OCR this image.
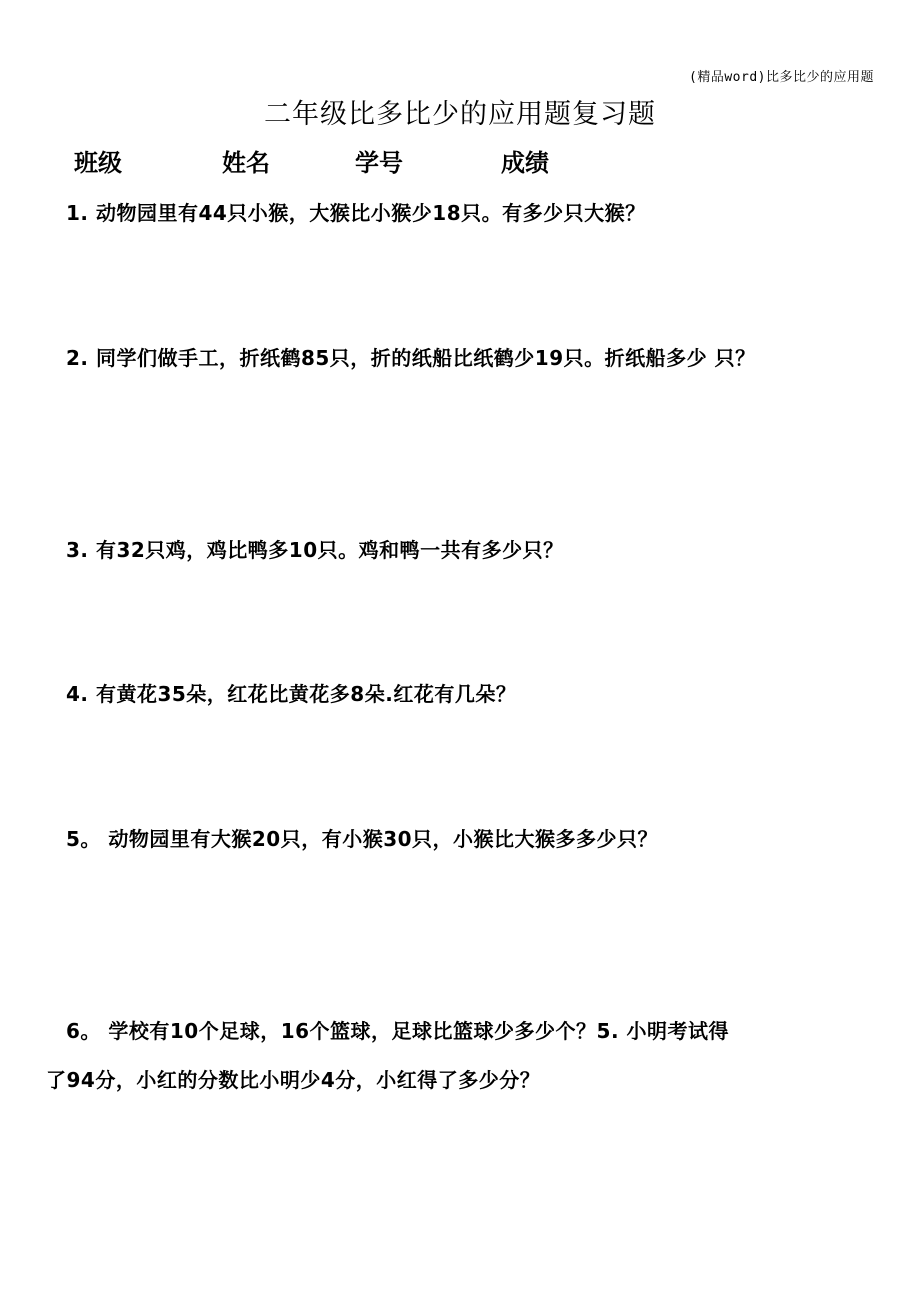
(精品word)比多比少的应用题
二年级比多比少的应用题复习题
班级	姓名	学号	成绩
1. 动物园里有44只小猴，大猴比小猴少18只。有多少只大猴？
2. 同学们做手工，折纸鹤85只，折的纸船比纸鹤少19只。折纸船多少 只？
3. 有32只鸡，鸡比鸭多10只。鸡和鸭一共有多少只？
4. 有黄花35朵，红花比黄花多8朵.红花有几朵？
5。 动物园里有大猴20只，有小猴30只，小猴比大猴多多少只？
6。 学校有10个足球，16个篮球，足球比篮球少多少个？5. 小明考试得
了94分，小红的分数比小明少4分，小红得了多少分？
